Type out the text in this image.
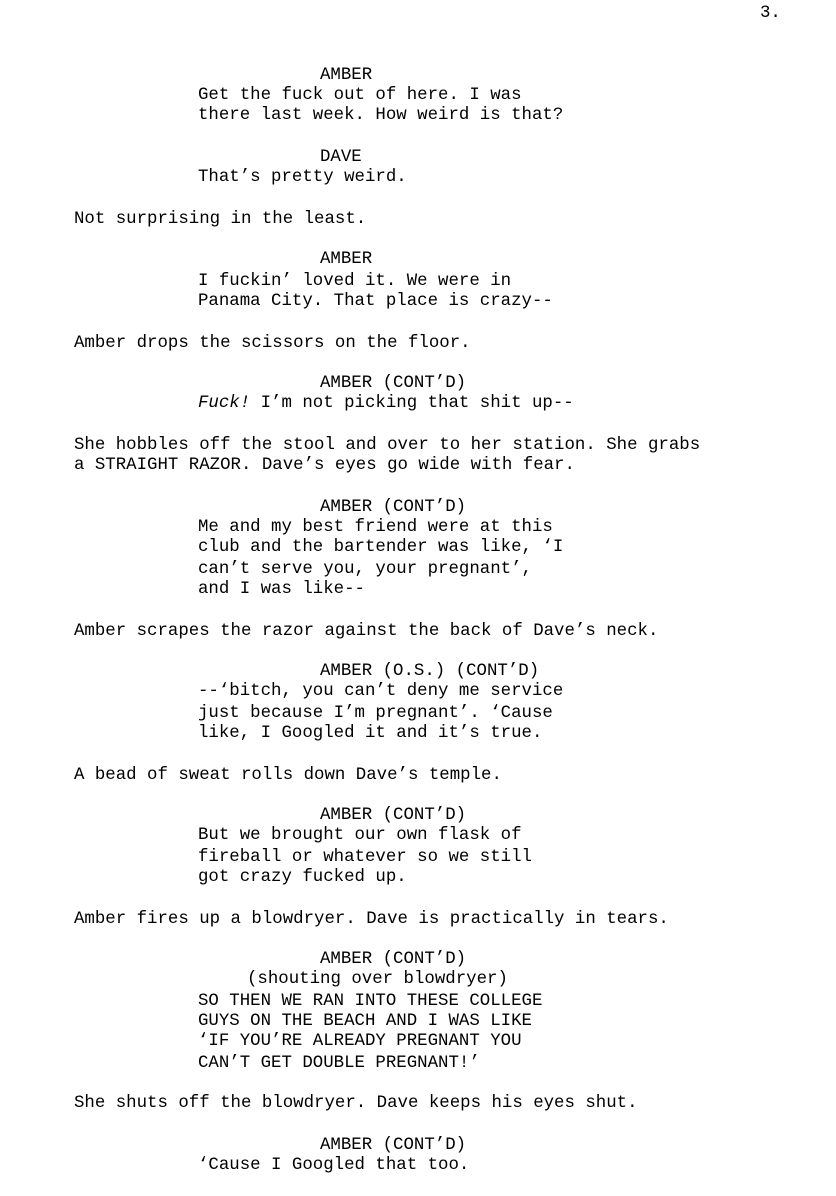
3.
AMBER
Get the fuck out of here. I was
there last week. How weird is that?
DAVE
That’s pretty weird.
Not surprising in the least.
AMBER
I fuckin’ loved it. We were in
Panama City. That place is crazy--
Amber drops the scissors on the floor.
AMBER (CONT’D)
Fuck! I’m not picking that shit up--
She hobbles off the stool and over to her station. She grabs
a STRAIGHT RAZOR. Dave’s eyes go wide with fear.
AMBER (CONT’D)
Me and my best friend were at this
club and the bartender was like, ‘I
can’t serve you, your pregnant’,
and I was like--
Amber scrapes the razor against the back of Dave’s neck.
AMBER (O.S.) (CONT’D)
--‘bitch, you can’t deny me service
just because I’m pregnant’. ‘Cause
like, I Googled it and it’s true.
A bead of sweat rolls down Dave’s temple.
AMBER (CONT’D)
But we brought our own flask of
fireball or whatever so we still
got crazy fucked up.
Amber fires up a blowdryer. Dave is practically in tears.
AMBER (CONT’D)
(shouting over blowdryer)
SO THEN WE RAN INTO THESE COLLEGE
GUYS ON THE BEACH AND I WAS LIKE
‘IF YOU’RE ALREADY PREGNANT YOU
CAN’T GET DOUBLE PREGNANT!’
She shuts off the blowdryer. Dave keeps his eyes shut.
AMBER (CONT’D)
‘Cause I Googled that too.
